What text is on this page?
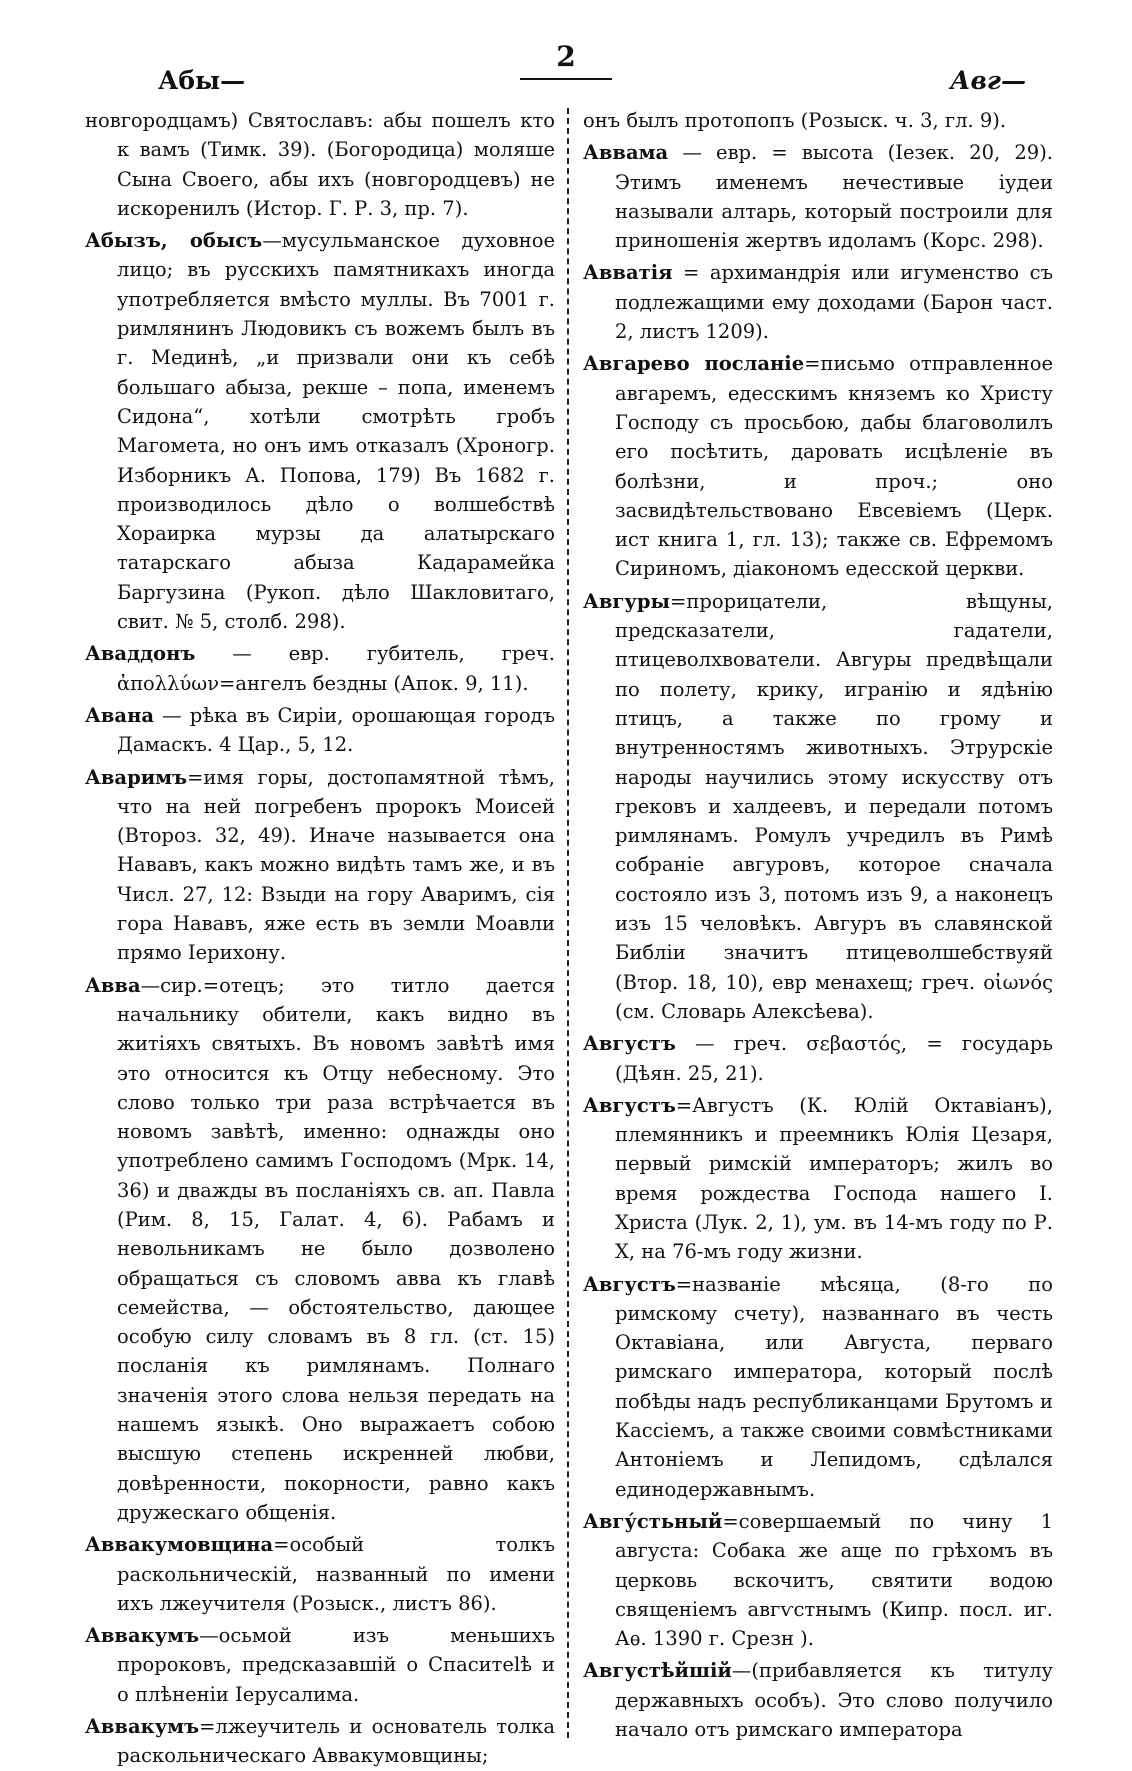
Абы—
2
Авг—

новгородцамъ) Святославъ: абы пошелъ кто к вамъ (Тимк. 39). (Богородица) моляше Сына Своего, абы ихъ (новгородцевъ) не искоренилъ (Истор. Г. Р. 3, пр. 7).

Абызъ, обысъ—мусульманское духовное лицо; въ русскихъ памятникахъ иногда употребляется вмѣсто муллы. Въ 7001 г. римлянинъ Людовикъ съ вожемъ былъ въ г. Мединѣ, „и призвали они къ себѣ большаго абыза, рекше – попа, именемъ Сидона“, хотѣли смотрѣть гробъ Магомета, но онъ имъ отказалъ (Хроногр. Изборникъ А. Попова, 179) Въ 1682 г. производилось дѣло о волшебствѣ Хораирка мурзы да алатырскаго татарскаго абыза Кадарамейка Баргузина (Рукоп. дѣло Шакловитаго, свит. № 5, столб. 298).

Аваддонъ — евр. губитель, греч. ἀπολλύων=ангелъ бездны (Апок. 9, 11).

Авана — рѣка въ Сиріи, орошающая городъ Дамаскъ. 4 Цар., 5, 12.

Аваримъ=имя горы, достопамятной тѣмъ, что на ней погребенъ пророкъ Моисей (Второз. 32, 49). Иначе называется она Нававъ, какъ можно видѣть тамъ же, и въ Числ. 27, 12: Взыди на гору Аваримъ, сія гора Нававъ, яже есть въ земли Моавли прямо Іерихону.

Авва—сир.=отецъ; это титло дается начальнику обители, какъ видно въ житіяхъ святыхъ. Въ новомъ завѣтѣ имя это относится къ Отцу небесному. Это слово только три раза встрѣчается въ новомъ завѣтѣ, именно: однажды оно употреблено самимъ Господомъ (Мрк. 14, 36) и дважды въ посланіяхъ св. ап. Павла (Рим. 8, 15, Галат. 4, 6). Рабамъ и невольникамъ не было дозволено обращаться съ словомъ авва къ главѣ семейства, — обстоятельство, дающее особую силу словамъ въ 8 гл. (ст. 15) посланія къ римлянамъ. Полнаго значенія этого слова нельзя передать на нашемъ языкѣ. Оно выражаетъ собою высшую степень искренней любви, довѣренности, покорности, равно какъ дружескаго общенія.

Аввакумовщина=особый толкъ раскольническій, названный по имени ихъ лжеучителя (Розыск., листъ 86).

Аввакумъ—осьмой изъ меньшихъ пророковъ, предсказавшій о Спаситеlѣ и о плѣненіи Іерусалима.

Аввакумъ=лжеучитель и основатель толка раскольническаго Аввакумовщины;

онъ былъ протопопъ (Розыск. ч. 3, гл. 9).

Аввама — евр. = высота (Іезек. 20, 29). Этимъ именемъ нечестивые іудеи называли алтарь, который построили для приношенія жертвъ идоламъ (Корс. 298).

Авватія = архимандрія или игуменство съ подлежащими ему доходами (Барон част. 2, листъ 1209).

Авгарево посланіе=письмо отправленное авгаремъ, едесскимъ княземъ ко Христу Господу съ просьбою, дабы благоволилъ его посѣтить, даровать исцѣленіе въ болѣзни, и проч.; оно засвидѣтельствовано Евсевіемъ (Церк. ист книга 1, гл. 13); также св. Ефремомъ Сириномъ, діакономъ едесской церкви.

Авгуры=прорицатели, вѣщуны, предсказатели, гадатели, птицеволхвователи. Авгуры предвѣщали по полету, крику, игранію и ядѣнію птицъ, а также по грому и внутренностямъ животныхъ. Этрурскіе народы научились этому искусству отъ грековъ и халдеевъ, и передали потомъ римлянамъ. Ромулъ учредилъ въ Римѣ собраніе авгуровъ, которое сначала состояло изъ 3, потомъ изъ 9, а наконецъ изъ 15 человѣкъ. Авгуръ въ славянской Библіи значитъ птицеволшебствуяй (Втор. 18, 10), евр менахещ; греч. οἰωνός (см. Словарь Алексѣева).

Августъ — греч. σεβαστός, = государь (Дѣян. 25, 21).

Августъ=Августъ (К. Юлій Октавіанъ), племянникъ и преемникъ Юлія Цезаря, первый римскій императоръ; жилъ во время рождества Господа нашего І. Христа (Лук. 2, 1), ум. въ 14-мъ году по Р. Х, на 76-мъ году жизни.

Августъ=названіе мѣсяца, (8-го по римскому счету), названнаго въ честь Октавіана, или Августа, перваго римскаго императора, который послѣ побѣды надъ республиканцами Брутомъ и Кассіемъ, а также своими совмѣстниками Антоніемъ и Лепидомъ, сдѣлался единодержавнымъ.

Авгу́стьный=совершаемый по чину 1 августа: Собака же аще по грѣхомъ въ церковь вскочитъ, святити водою священіемъ авгѵстнымъ (Кипр. посл. иг. Аѳ. 1390 г. Срезн ).

Августѣйшій—(прибавляется къ титулу державныхъ особъ). Это слово получило начало отъ римскаго императора
